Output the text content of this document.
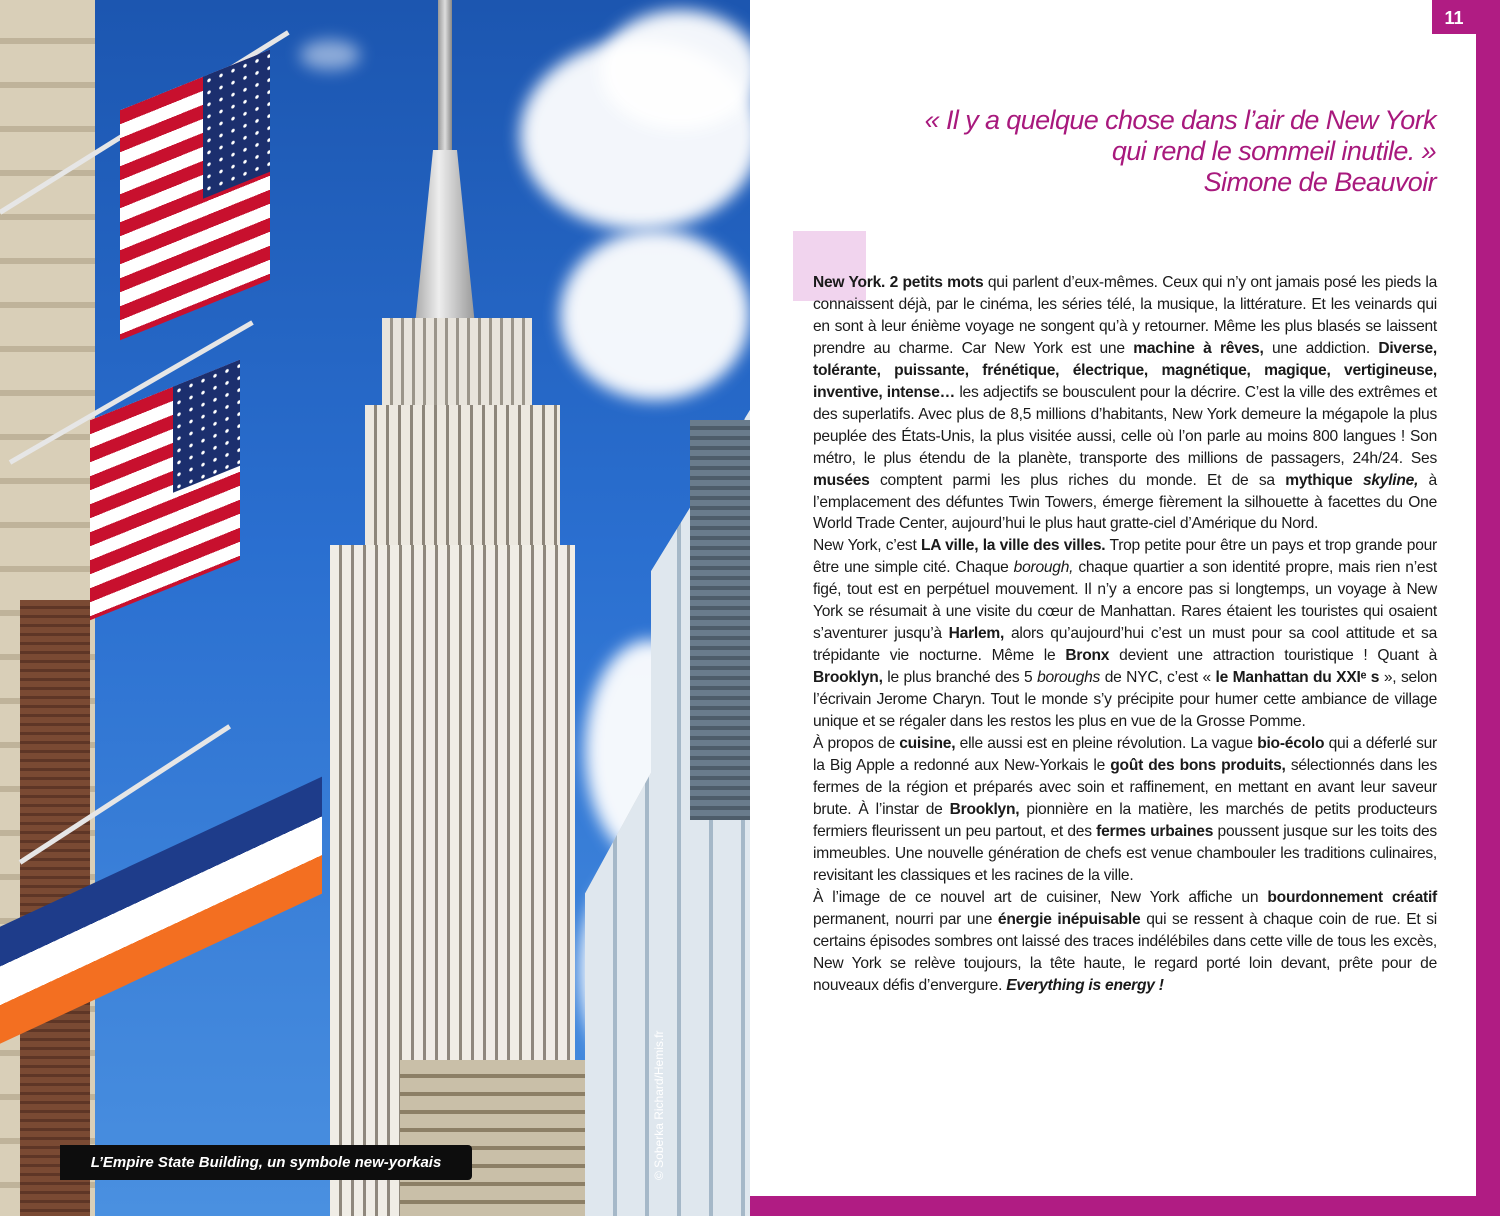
L’Empire State Building, un symbole new-yorkais	© Soberka Richard/Hemis.fr
11
« Il y a quelque chose dans l’air de New York
qui rend le sommeil inutile. »
Simone de Beauvoir

New York. 2 petits mots qui parlent d’eux-mêmes. Ceux qui n’y ont jamais posé les pieds la connaissent déjà, par le cinéma, les séries télé, la musique, la littérature. Et les veinards qui en sont à leur énième voyage ne songent qu’à y retourner. Même les plus blasés se laissent prendre au charme. Car New York est une machine à rêves, une addiction. Diverse, tolérante, puissante, frénétique, électrique, magnétique, magique, vertigineuse, inventive, intense… les adjectifs se bousculent pour la décrire. C’est la ville des extrêmes et des superlatifs. Avec plus de 8,5 millions d’habitants, New York demeure la mégapole la plus peuplée des États-Unis, la plus visitée aussi, celle où l’on parle au moins 800 langues ! Son métro, le plus étendu de la planète, transporte des millions de passagers, 24h/24. Ses musées comptent parmi les plus riches du monde. Et de sa mythique skyline, à l’emplacement des défuntes Twin Towers, émerge fièrement la silhouette à facettes du One World Trade Center, aujourd’hui le plus haut gratte-ciel d’Amérique du Nord.

New York, c’est LA ville, la ville des villes. Trop petite pour être un pays et trop grande pour être une simple cité. Chaque borough, chaque quartier a son identité propre, mais rien n’est figé, tout est en perpétuel mouvement. Il n’y a encore pas si longtemps, un voyage à New York se résumait à une visite du cœur de Manhattan. Rares étaient les touristes qui osaient s’aventurer jusqu’à Harlem, alors qu’aujourd’hui c’est un must pour sa cool attitude et sa trépidante vie nocturne. Même le Bronx devient une attraction touristique ! Quant à Brooklyn, le plus branché des 5 boroughs de NYC, c’est « le Manhattan du XXIᵉ s », selon l’écrivain Jerome Charyn. Tout le monde s’y précipite pour humer cette ambiance de village unique et se régaler dans les restos les plus en vue de la Grosse Pomme.

À propos de cuisine, elle aussi est en pleine révolution. La vague bio-écolo qui a déferlé sur la Big Apple a redonné aux New-Yorkais le goût des bons produits, sélectionnés dans les fermes de la région et préparés avec soin et raffinement, en mettant en avant leur saveur brute. À l’instar de Brooklyn, pionnière en la matière, les marchés de petits producteurs fermiers fleurissent un peu partout, et des fermes urbaines poussent jusque sur les toits des immeubles. Une nouvelle génération de chefs est venue chambouler les traditions culinaires, revisitant les classiques et les racines de la ville.

À l’image de ce nouvel art de cuisiner, New York affiche un bourdonnement créatif permanent, nourri par une énergie inépuisable qui se ressent à chaque coin de rue. Et si certains épisodes sombres ont laissé des traces indélébiles dans cette ville de tous les excès, New York se relève toujours, la tête haute, le regard porté loin devant, prête pour de nouveaux défis d’envergure. Everything is energy !
